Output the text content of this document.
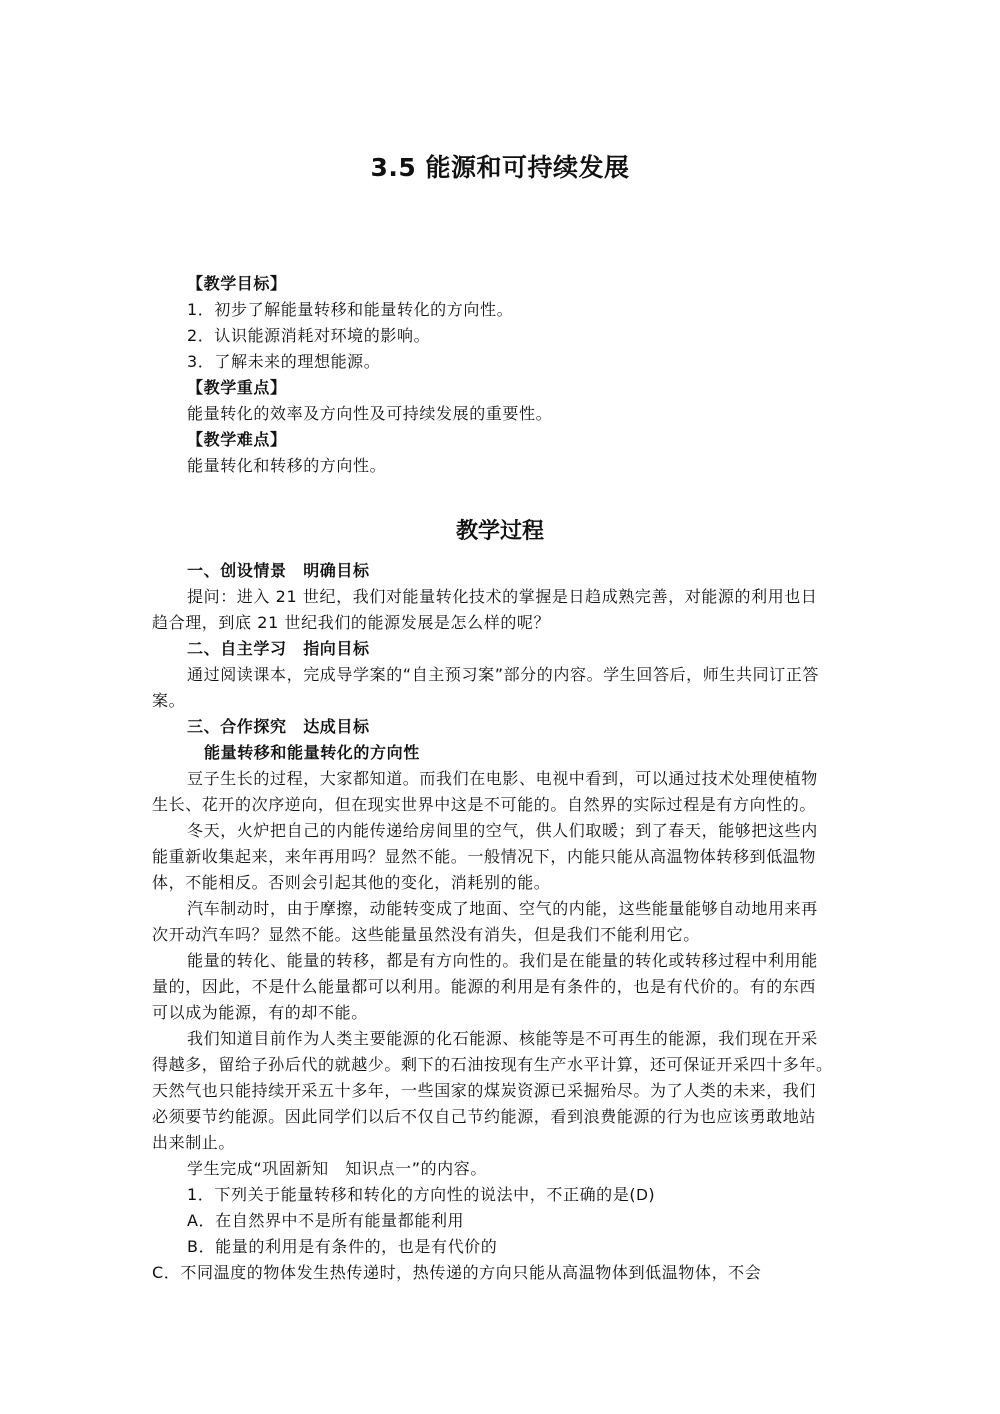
3.5 能源和可持续发展
【教学目标】
1．初步了解能量转移和能量转化的方向性。
2．认识能源消耗对环境的影响。
3．了解未来的理想能源。
【教学重点】
能量转化的效率及方向性及可持续发展的重要性。
【教学难点】
能量转化和转移的方向性。
教学过程
一、创设情景　明确目标
提问：进入 21 世纪，我们对能量转化技术的掌握是日趋成熟完善，对能源的利用也日
趋合理，到底 21 世纪我们的能源发展是怎么样的呢？
二、自主学习　指向目标
通过阅读课本，完成导学案的“自主预习案”部分的内容。学生回答后，师生共同订正答
案。
三、合作探究　达成目标
能量转移和能量转化的方向性
豆子生长的过程，大家都知道。而我们在电影、电视中看到，可以通过技术处理使植物
生长、花开的次序逆向，但在现实世界中这是不可能的。自然界的实际过程是有方向性的。
冬天，火炉把自己的内能传递给房间里的空气，供人们取暖；到了春天，能够把这些内
能重新收集起来，来年再用吗？显然不能。一般情况下，内能只能从高温物体转移到低温物
体，不能相反。否则会引起其他的变化，消耗别的能。
汽车制动时，由于摩擦，动能转变成了地面、空气的内能，这些能量能够自动地用来再
次开动汽车吗？显然不能。这些能量虽然没有消失，但是我们不能利用它。
能量的转化、能量的转移，都是有方向性的。我们是在能量的转化或转移过程中利用能
量的，因此，不是什么能量都可以利用。能源的利用是有条件的，也是有代价的。有的东西
可以成为能源，有的却不能。
我们知道目前作为人类主要能源的化石能源、核能等是不可再生的能源，我们现在开采
得越多，留给子孙后代的就越少。剩下的石油按现有生产水平计算，还可保证开采四十多年。
天然气也只能持续开采五十多年，一些国家的煤炭资源已采掘殆尽。为了人类的未来，我们
必须要节约能源。因此同学们以后不仅自己节约能源，看到浪费能源的行为也应该勇敢地站
出来制止。
学生完成“巩固新知　知识点一”的内容。
1．下列关于能量转移和转化的方向性的说法中，不正确的是(D)
A．在自然界中不是所有能量都能利用
B．能量的利用是有条件的，也是有代价的
C．不同温度的物体发生热传递时，热传递的方向只能从高温物体到低温物体，不会
